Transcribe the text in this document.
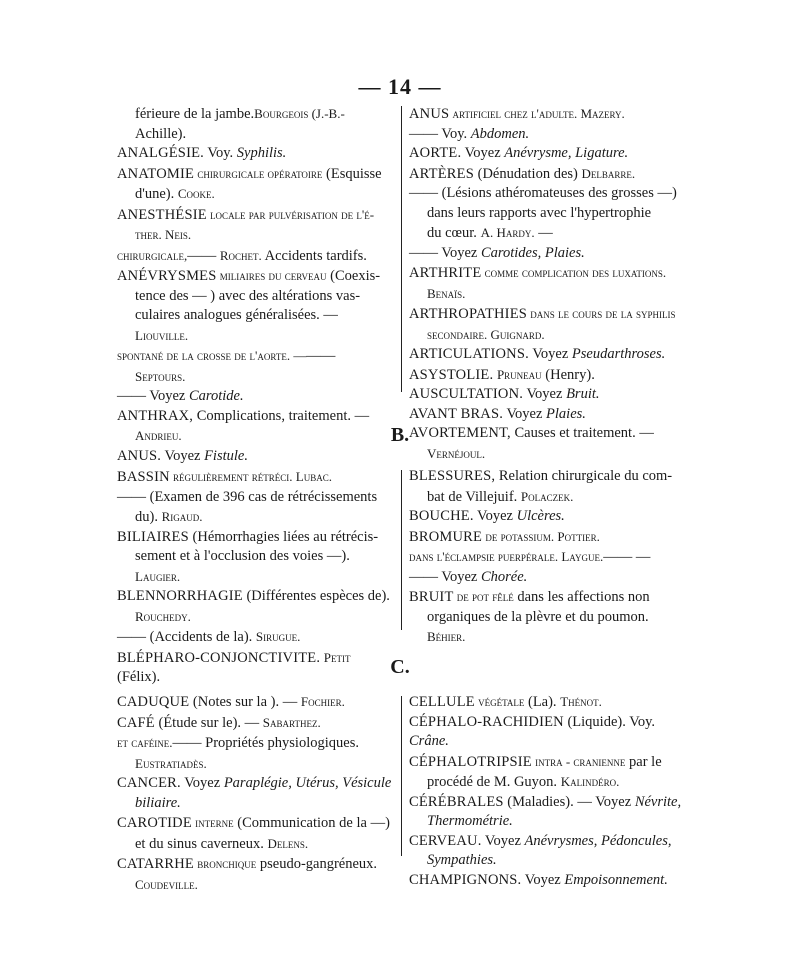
— 14 —
férieure de la jambe.Bourgeois (J.-B.-
Achille).
ANALGÉSIE. Voy. Syphilis.
ANATOMIE chirurgicale opératoire (Esquisse
d'une). Cooke.
ANESTHÉSIE locale par pulvérisation de l'é-
ther. Neis.
chirurgicale,—— Rochet. Accidents tardifs.
ANÉVRYSMES miliaires du cerveau (Coexis-
tence des — ) avec des altérations vas-
culaires analogues généralisées. —
Liouville.
spontané de la crosse de l'aorte. ———
Septours.
—— Voyez Carotide.
ANTHRAX, Complications, traitement. —
Andrieu.
ANUS. Voyez Fistule.
ANUS artificiel chez l'adulte. Mazery.
—— Voy. Abdomen.
AORTE. Voyez Anévrysme, Ligature.
ARTÈRES (Dénudation des) Delbarre.
—— (Lésions athéromateuses des grosses —)
dans leurs rapports avec l'hypertrophie
du cœur. A. Hardy. —
—— Voyez Carotides, Plaies.
ARTHRITE comme complication des luxations.
Benaïs.
ARTHROPATHIES dans le cours de la syphilis
secondaire. Guignard.
ARTICULATIONS. Voyez Pseudarthroses.
ASYSTOLIE. Pruneau (Henry).
AUSCULTATION. Voyez Bruit.
AVANT BRAS. Voyez Plaies.
AVORTEMENT, Causes et traitement. —
Vernéjoul.
B.
BASSIN régulièrement rétréci. Lubac.
—— (Examen de 396 cas de rétrécissements
du). Rigaud.
BILIAIRES (Hémorrhagies liées au rétrécis-
sement et à l'occlusion des voies —).
Laugier.
BLENNORRHAGIE (Différentes espèces de).
Rouchedy.
—— (Accidents de la). Sirugue.
BLÉPHARO-CONJONCTIVITE. Petit (Félix).
BLESSURES, Relation chirurgicale du com-
bat de Villejuif. Polaczek.
BOUCHE. Voyez Ulcères.
BROMURE de potassium. Pottier.
dans l'éclampsie puerpérale. Laygue.—— —
—— Voyez Chorée.
BRUIT de pot fêlé dans les affections non
organiques de la plèvre et du poumon.
Béhier.
C.
CADUQUE (Notes sur la ). — Fochier.
CAFÉ (Étude sur le). — Sabarthez.
et caféine.—— Propriétés physiologiques.
Eustratiadès.
CANCER. Voyez Paraplégie, Utérus, Vésicule
biliaire.
CAROTIDE interne (Communication de la —)
et du sinus caverneux. Delens.
CATARRHE bronchique pseudo-gangréneux.
Coudeville.
CELLULE végétale (La). Thénot.
CÉPHALO-RACHIDIEN (Liquide). Voy. Crâne.
CÉPHALOTRIPSIE intra - cranienne par le
procédé de M. Guyon. Kalindéro.
CÉRÉBRALES (Maladies). — Voyez Névrite,
Thermométrie.
CERVEAU. Voyez Anévrysmes, Pédoncules,
Sympathies.
CHAMPIGNONS. Voyez Empoisonnement.
